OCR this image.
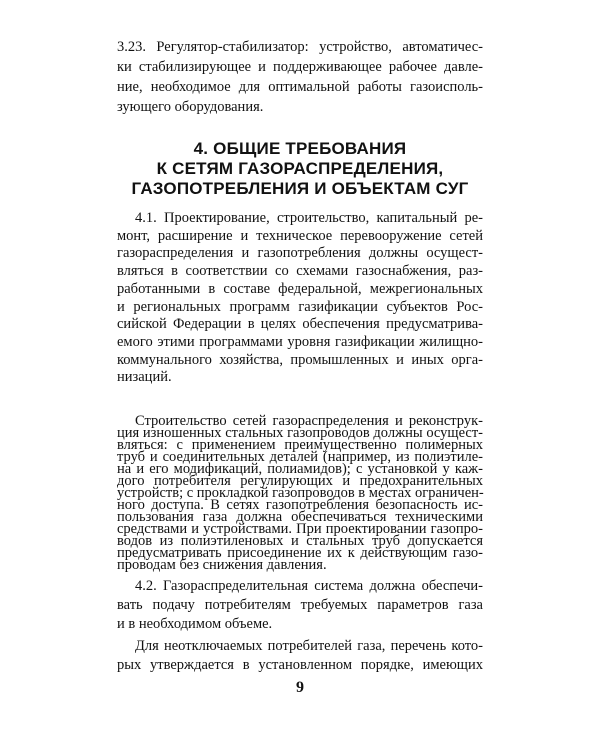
3.23. Регулятор-стабилизатор: устройство, автоматичес-
ки стабилизирующее и поддерживающее рабочее давле-
ние, необходимое для оптимальной работы газоисполь-
зующего оборудования.
4. ОБЩИЕ ТРЕБОВАНИЯ
К СЕТЯМ ГАЗОРАСПРЕДЕЛЕНИЯ,
ГАЗОПОТРЕБЛЕНИЯ И ОБЪЕКТАМ СУГ
4.1. Проектирование, строительство, капитальный ре-
монт, расширение и техническое перевооружение сетей
газораспределения и газопотребления должны осущест-
вляться в соответствии со схемами газоснабжения, раз-
работанными в составе федеральной, межрегиональных
и региональных программ газификации субъектов Рос-
сийской Федерации в целях обеспечения предусматрива-
емого этими программами уровня газификации жилищно-
коммунального хозяйства, промышленных и иных орга-
низаций.
Строительство сетей газораспределения и реконструк-
ция изношенных стальных газопроводов должны осущест-
вляться: с применением преимущественно полимерных
труб и соединительных деталей (например, из полиэтиле-
на и его модификаций, полиамидов); с установкой у каж-
дого потребителя регулирующих и предохранительных
устройств; с прокладкой газопроводов в местах ограничен-
ного доступа. В сетях газопотребления безопасность ис-
пользования газа должна обеспечиваться техническими
средствами и устройствами. При проектировании газопро-
водов из полиэтиленовых и стальных труб допускается
предусматривать присоединение их к действующим газо-
проводам без снижения давления.
4.2. Газораспределительная система должна обеспечи-
вать подачу потребителям требуемых параметров газа
и в необходимом объеме.
9
Для неотключаемых потребителей газа, перечень кото-
рых утверждается в установленном порядке, имеющих
